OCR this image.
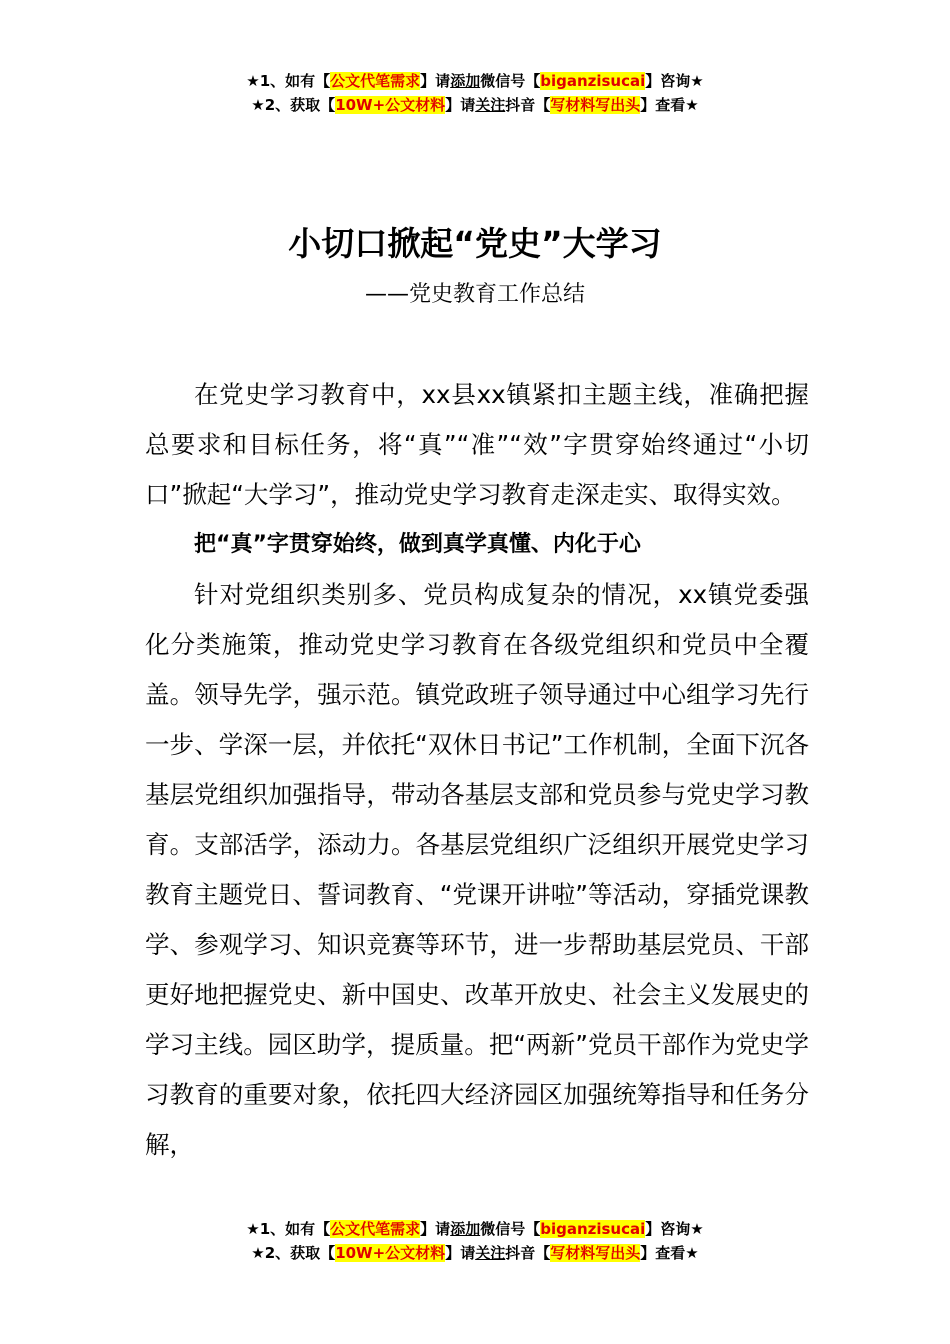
★1、如有【公文代笔需求】请添加微信号【biganzisucai】咨询★
★2、获取【10W+公文材料】请关注抖音【写材料写出头】查看★
小切口掀起“党史”大学习
——党史教育工作总结

在党史学习教育中，xx县xx镇紧扣主题主线，准确把握总要求和目标任务，将“真”“准”“效”字贯穿始终通过“小切口”掀起“大学习”，推动党史学习教育走深走实、取得实效。

把“真”字贯穿始终，做到真学真懂、内化于心

针对党组织类别多、党员构成复杂的情况，xx镇党委强化分类施策，推动党史学习教育在各级党组织和党员中全覆盖。领导先学，强示范。镇党政班子领导通过中心组学习先行一步、学深一层，并依托“双休日书记”工作机制，全面下沉各基层党组织加强指导，带动各基层支部和党员参与党史学习教育。支部活学，添动力。各基层党组织广泛组织开展党史学习教育主题党日、誓词教育、“党课开讲啦”等活动，穿插党课教学、参观学习、知识竞赛等环节，进一步帮助基层党员、干部更好地把握党史、新中国史、改革开放史、社会主义发展史的学习主线。园区助学，提质量。把“两新”党员干部作为党史学习教育的重要对象，依托四大经济园区加强统筹指导和任务分解，

★1、如有【公文代笔需求】请添加微信号【biganzisucai】咨询★
★2、获取【10W+公文材料】请关注抖音【写材料写出头】查看★
